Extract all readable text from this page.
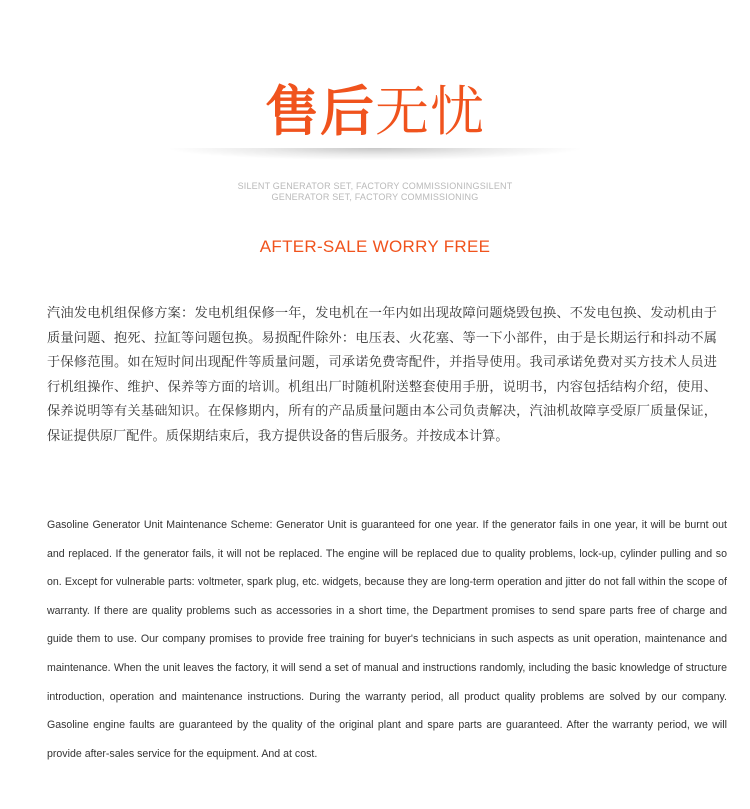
售后无忧
SILENT GENERATOR SET, FACTORY COMMISSIONINGSILENT GENERATOR SET, FACTORY COMMISSIONING
AFTER-SALE WORRY FREE
汽油发电机组保修方案：发电机组保修一年，发电机在一年内如出现故障问题烧毁包换、不发电包换、发动机由于质量问题、抱死、拉缸等问题包换。易损配件除外：电压表、火花塞、等一下小部件，由于是长期运行和抖动不属于保修范围。如在短时间出现配件等质量问题，司承诺免费寄配件，并指导使用。我司承诺免费对买方技术人员进行机组操作、维护、保养等方面的培训。机组出厂时随机附送整套使用手册，说明书，内容包括结构介绍，使用、保养说明等有关基础知识。在保修期内，所有的产品质量问题由本公司负责解决，汽油机故障享受原厂质量保证，保证提供原厂配件。质保期结束后，我方提供设备的售后服务。并按成本计算。
Gasoline Generator Unit Maintenance Scheme: Generator Unit is guaranteed for one year. If the generator fails in one year, it will be burnt out and replaced. If the generator fails, it will not be replaced. The engine will be replaced due to quality problems, lock-up, cylinder pulling and so on. Except for vulnerable parts: voltmeter, spark plug, etc. widgets, because they are long-term operation and jitter do not fall within the scope of warranty. If there are quality problems such as accessories in a short time, the Department promises to send spare parts free of charge and guide them to use. Our company promises to provide free training for buyer's technicians in such aspects as unit operation, maintenance and maintenance. When the unit leaves the factory, it will send a set of manual and instructions randomly, including the basic knowledge of structure introduction, operation and maintenance instructions. During the warranty period, all product quality problems are solved by our company. Gasoline engine faults are guaranteed by the quality of the original plant and spare parts are guaranteed. After the warranty period, we will provide after-sales service for the equipment. And at cost.
